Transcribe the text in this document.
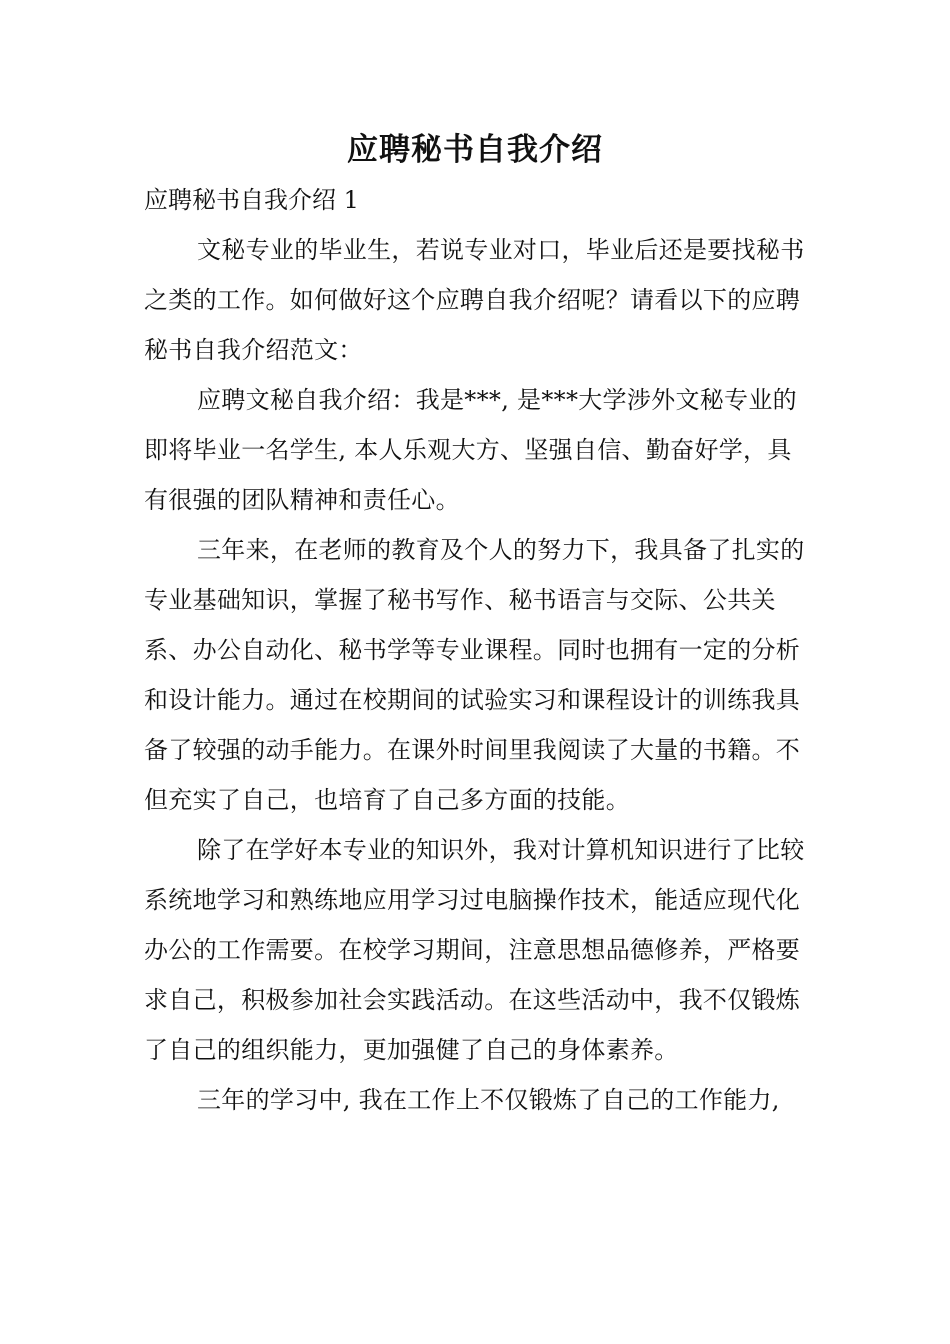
应聘秘书自我介绍
应聘秘书自我介绍 1

文秘专业的毕业生，若说专业对口，毕业后还是要找秘书之类的工作。如何做好这个应聘自我介绍呢？请看以下的应聘秘书自我介绍范文：

应聘文秘自我介绍：我是***, 是***大学涉外文秘专业的即将毕业一名学生, 本人乐观大方、坚强自信、勤奋好学，具有很强的团队精神和责任心。

三年来，在老师的教育及个人的努力下，我具备了扎实的专业基础知识，掌握了秘书写作、秘书语言与交际、公共关系、办公自动化、秘书学等专业课程。同时也拥有一定的分析和设计能力。通过在校期间的试验实习和课程设计的训练我具备了较强的动手能力。在课外时间里我阅读了大量的书籍。不但充实了自己，也培育了自己多方面的技能。

除了在学好本专业的知识外，我对计算机知识进行了比较系统地学习和熟练地应用学习过电脑操作技术，能适应现代化办公的工作需要。在校学习期间，注意思想品德修养，严格要求自己，积极参加社会实践活动。在这些活动中，我不仅锻炼了自己的组织能力，更加强健了自己的身体素养。

三年的学习中, 我在工作上不仅锻炼了自己的工作能力,
